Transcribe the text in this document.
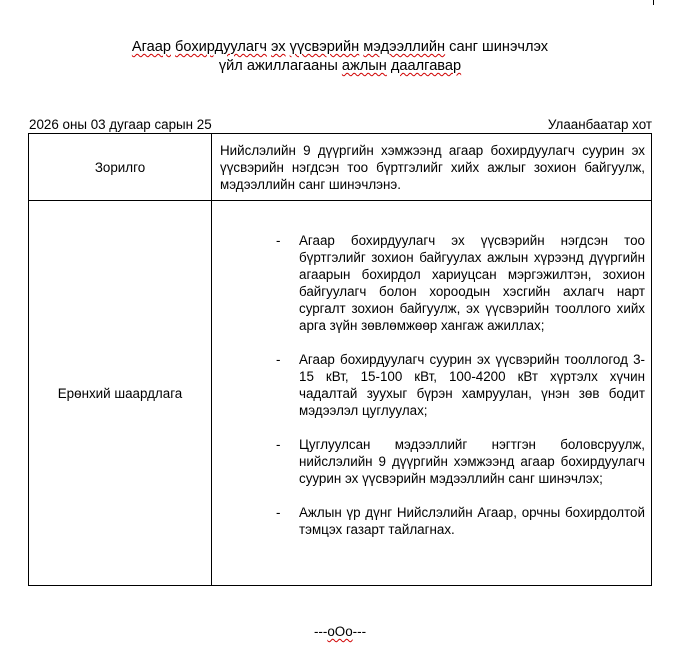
Агаар бохирдуулагч эх үүсвэрийн мэдээллийн санг шинэчлэх
үйл ажиллагааны ажлын даалгавар
2026 оны 03 дугаар сарын 25	Улаанбаатар хот
Зорилго	Нийслэлийн 9 дүүргийн хэмжээнд агаар бохирдуулагч суурин эх үүсвэрийн нэгдсэн тоо бүртгэлийг хийх ажлыг зохион байгуулж, мэдээллийн санг шинэчлэнэ.

Ерөнхий шаардлага	
- Агаар бохирдуулагч эх үүсвэрийн нэгдсэн тоо бүртгэлийг зохион байгуулах ажлын хүрээнд дүүргийн агаарын бохирдол хариуцсан мэргэжилтэн, зохион байгуулагч болон хороодын хэсгийн ахлагч нарт сургалт зохион байгуулж, эх үүсвэрийн тооллого хийх арга зүйн зөвлөмжөөр хангаж ажиллах;
- Агаар бохирдуулагч суурин эх үүсвэрийн тооллогод 3-15 кВт, 15-100 кВт, 100-4200 кВт хүртэлх хүчин чадалтай зуухыг бүрэн хамруулан, үнэн зөв бодит мэдээлэл цуглуулах;
- Цуглуулсан мэдээллийг нэгтгэн боловсруулж, нийслэлийн 9 дүүргийн хэмжээнд агаар бохирдуулагч суурин эх үүсвэрийн мэдээллийн санг шинэчлэх;
- Ажлын үр дүнг Нийслэлийн Агаар, орчны бохирдолтой тэмцэх газарт тайлагнах.
---oOo---
